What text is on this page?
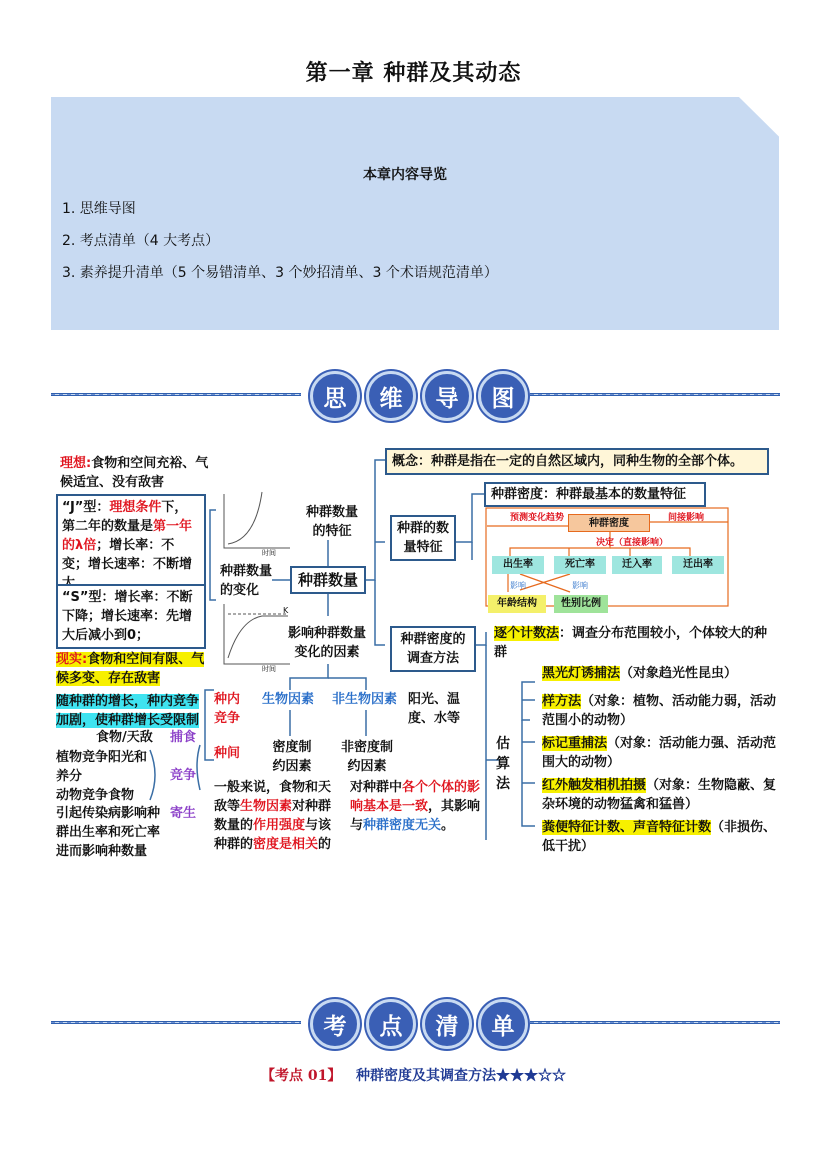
第一章 种群及其动态
本章内容导览
1. 思维导图
2. 考点清单（4 大考点）
3. 素养提升清单（5 个易错清单、3 个妙招清单、3 个术语规范清单）
思	维	导	图
理想:食物和空间充裕、气候适宜、没有敌害
“J”型：理想条件下，第二年的数量是第一年的λ倍；增长率：不变；增长速率：不断增
“S”型：增长率：不断下降；增长速率：先增大后减小到0；
现实:食物和空间有限、气候多变、存在敌害
随种群的增长，种内竞争加剧，使种群增长受限制
种内竞争
种间
食物/天敌 捕食
植物竞争阳光和养分	竞争
动物竞争食物
寄生
引起传染病影响种群出生率和死亡率进而影响种数量
时间
时间
K
种群数量的特征
种群数量的变化
种群数量
影响种群数量变化的因素
生物因素 非生物因素 阳光、温度、水等
密度制约因素
非密度制约因素
一般来说，食物和天敌等生物因素对种群数量的作用强度与该种群的密度是相关的
对种群中各个个体的影响基本是一致，其影响与种群密度无关。
概念：种群是指在一定的自然区域内，同种生物的全部个体。
种群的数量特征
种群密度：种群最基本的数量特征
预测变化趋势	间接影响
种群密度
决定（直接影响）
出生率	死亡率	迁入率	迁出率
影响	影响
年龄结构	性别比例
种群密度的调查方法
逐个计数法：调查分布范围较小，个体较大的种群
估算法
黑光灯诱捕法（对象趋光性昆虫）
样方法（对象：植物、活动能力弱，活动范围小的动物）
标记重捕法（对象：活动能力强、活动范围大的动物）
红外触发相机拍摄（对象：生物隐蔽、复杂环境的动物猛禽和猛兽）
粪便特征计数、声音特征计数（非损伤、低干扰）
考	点	清	单
【考点 01】 种群密度及其调查方法★★★☆☆
